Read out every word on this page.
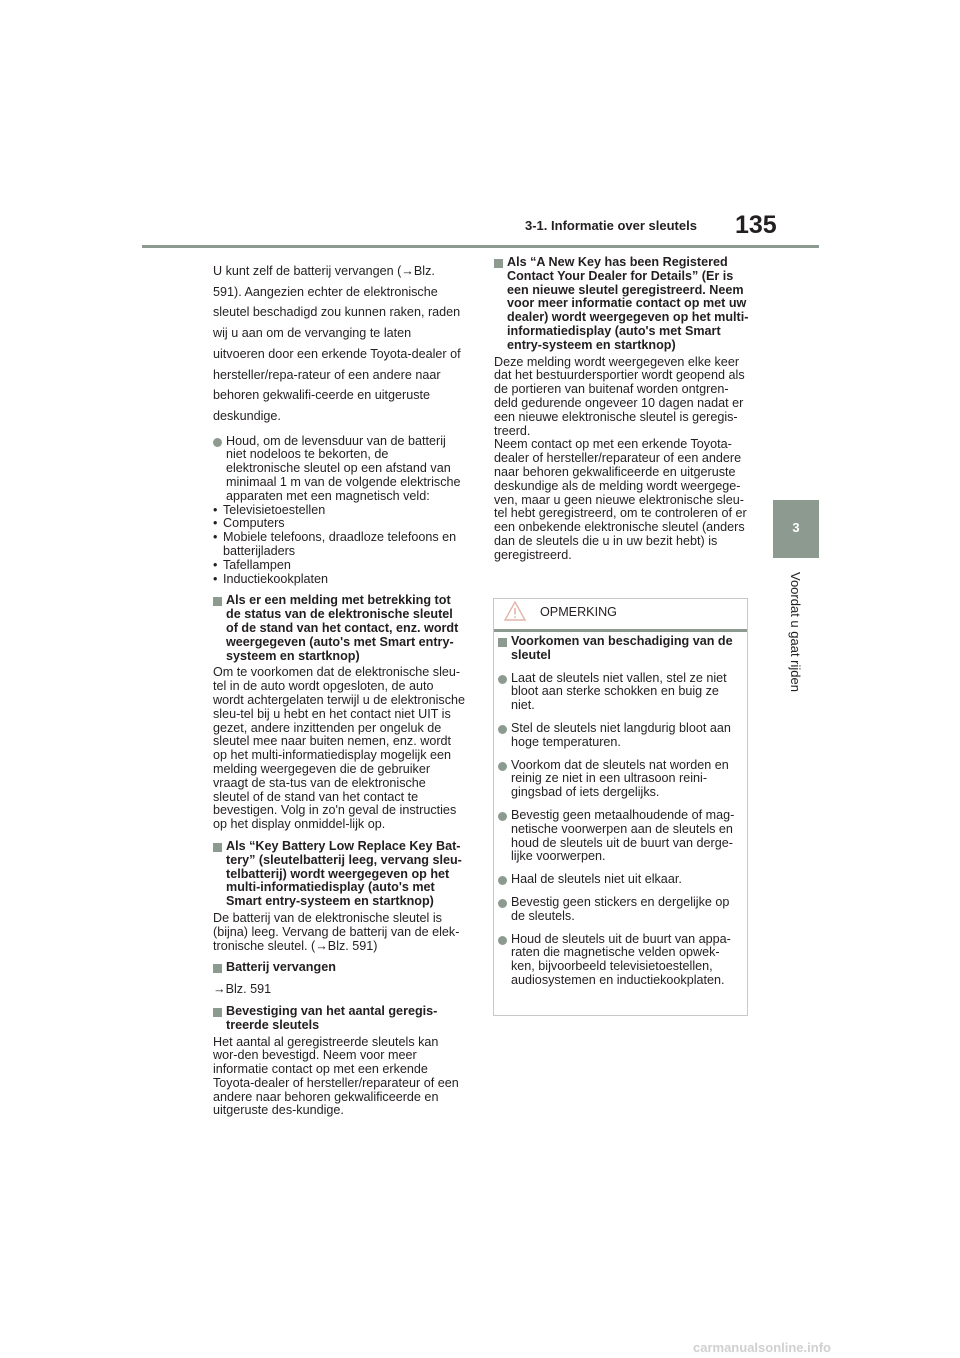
3-1. Informatie over sleutels 135
3
Voordat u gaat rijden

U kunt zelf de batterij vervangen (→Blz. 591). Aangezien echter de elektronische sleutel beschadigd zou kunnen raken, raden wij u aan om de vervanging te laten uitvoeren door een erkende Toyota-dealer of hersteller/repa-rateur of een andere naar behoren gekwalifi-ceerde en uitgeruste deskundige.

Houd, om de levensduur van de batterij niet nodeloos te bekorten, de elektronische sleutel op een afstand van minimaal 1 m van de volgende elektrische apparaten met een magnetisch veld:

• Televisietoestellen
• Computers
• Mobiele telefoons, draadloze telefoons en batterijladers
• Tafellampen
• Inductiekookplaten
Als er een melding met betrekking tot de status van de elektronische sleutel of de stand van het contact, enz. wordt weergegeven (auto's met Smart entry-systeem en startknop)

Om te voorkomen dat de elektronische sleu-tel in de auto wordt opgesloten, de auto wordt achtergelaten terwijl u de elektronische sleu-tel bij u hebt en het contact niet UIT is gezet, andere inzittenden per ongeluk de sleutel mee naar buiten nemen, enz. wordt op het multi-informatiedisplay mogelijk een melding weergegeven die de gebruiker vraagt de sta-tus van de elektronische sleutel of de stand van het contact te bevestigen. Volg in zo'n geval de instructies op het display onmiddel-lijk op.

Als “Key Battery Low Replace Key Bat-tery” (sleutelbatterij leeg, vervang sleu-telbatterij) wordt weergegeven op het multi-informatiedisplay (auto's met Smart entry-systeem en startknop)

De batterij van de elektronische sleutel is (bijna) leeg. Vervang de batterij van de elek-tronische sleutel. (→Blz. 591)

Batterij vervangen

→Blz. 591

Bevestiging van het aantal geregis-treerde sleutels

Het aantal al geregistreerde sleutels kan wor-den bevestigd. Neem voor meer informatie contact op met een erkende Toyota-dealer of hersteller/reparateur of een andere naar behoren gekwalificeerde en uitgeruste des-kundige.

Als “A New Key has been Registered Contact Your Dealer for Details” (Er is een nieuwe sleutel geregistreerd. Neem voor meer informatie contact op met uw dealer) wordt weergegeven op het multi-informatiedisplay (auto's met Smart entry-systeem en startknop)

Deze melding wordt weergegeven elke keer dat het bestuurdersportier wordt geopend als de portieren van buitenaf worden ontgren-deld gedurende ongeveer 10 dagen nadat er een nieuwe elektronische sleutel is geregis-treerd.
Neem contact op met een erkende Toyota-dealer of hersteller/reparateur of een andere naar behoren gekwalificeerde en uitgeruste deskundige als de melding wordt weergege-ven, maar u geen nieuwe elektronische sleu-tel hebt geregistreerd, om te controleren of er een onbekende elektronische sleutel (anders dan de sleutels die u in uw bezit hebt) is geregistreerd.

OPMERKING
Voorkomen van beschadiging van de sleutel

Laat de sleutels niet vallen, stel ze niet bloot aan sterke schokken en buig ze niet.

Stel de sleutels niet langdurig bloot aan hoge temperaturen.

Voorkom dat de sleutels nat worden en reinig ze niet in een ultrasoon reini-gingsbad of iets dergelijks.

Bevestig geen metaalhoudende of mag-netische voorwerpen aan de sleutels en houd de sleutels uit de buurt van derge-lijke voorwerpen.

Haal de sleutels niet uit elkaar.

Bevestig geen stickers en dergelijke op de sleutels.

Houd de sleutels uit de buurt van appa-raten die magnetische velden opwek-ken, bijvoorbeeld televisietoestellen, audiosystemen en inductiekookplaten.

carmanualsonline.info
